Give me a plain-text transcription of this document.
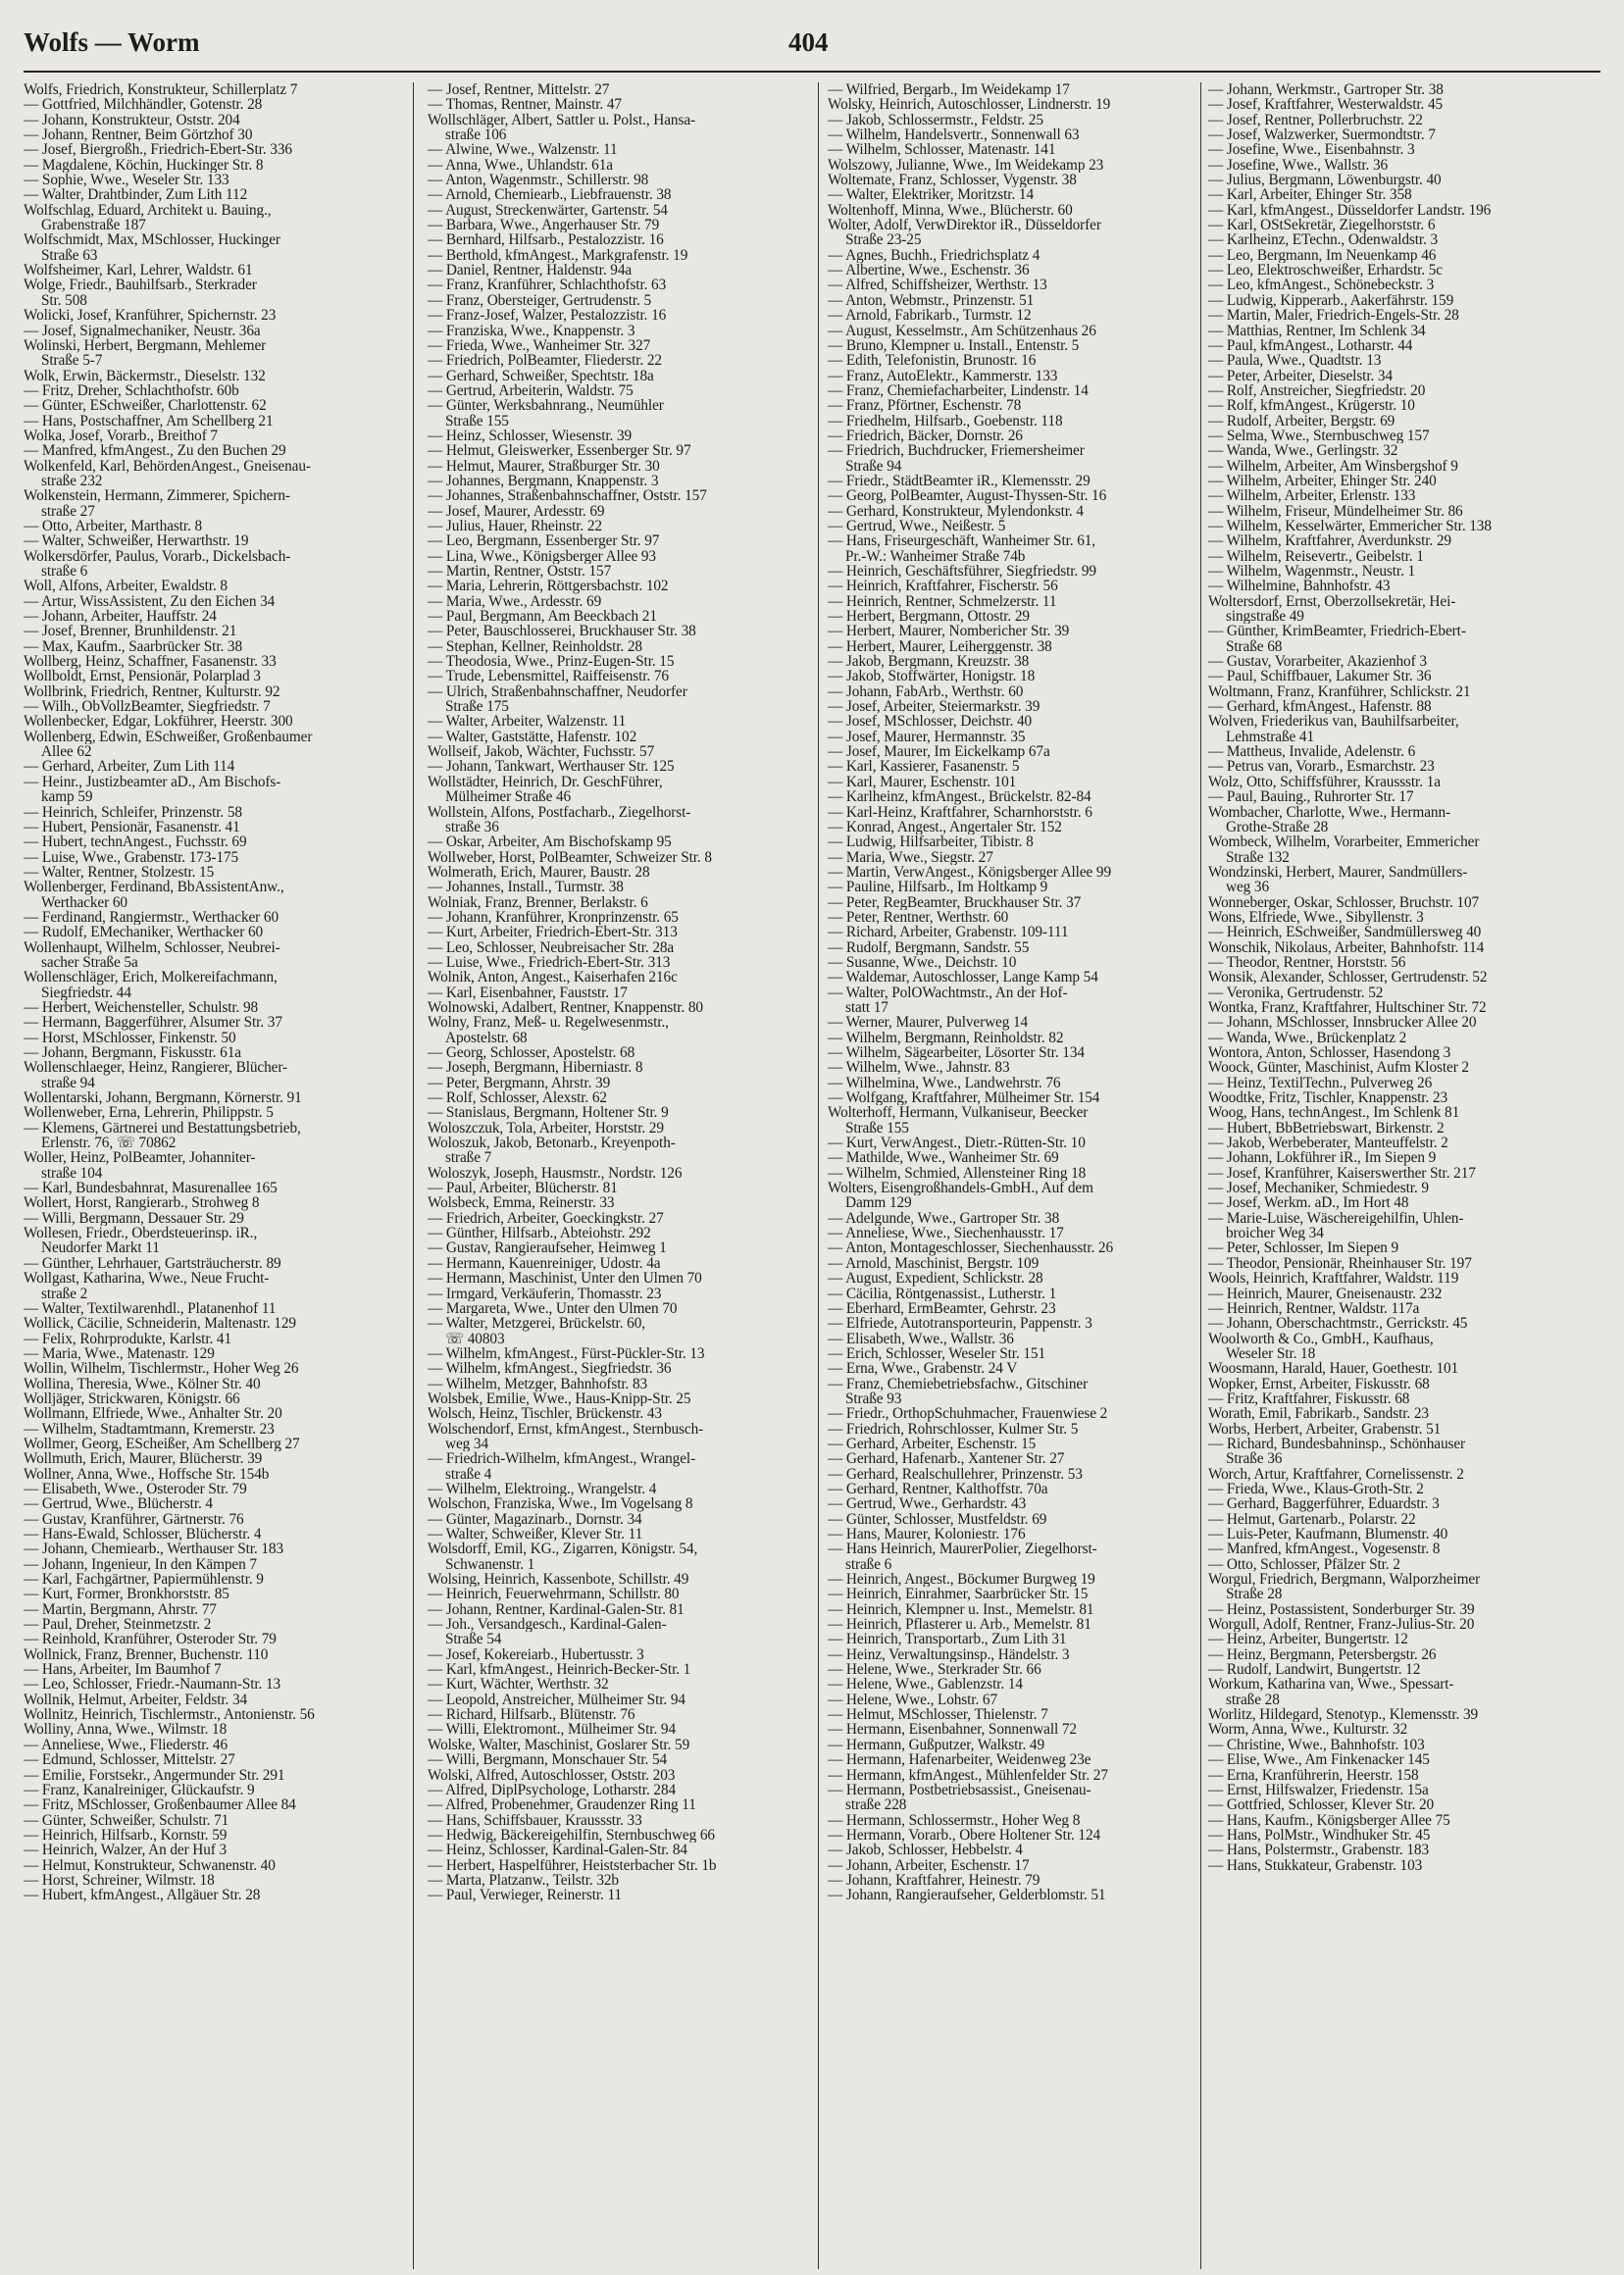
Wolfs — Worm	404
Wolfs, Friedrich, Konstrukteur, Schillerplatz 7
— Gottfried, Milchhändler, Gotenstr. 28
— Johann, Konstrukteur, Oststr. 204
— Johann, Rentner, Beim Görtzhof 30
— Josef, Biergroßh., Friedrich-Ebert-Str. 336
— Magdalene, Köchin, Huckinger Str. 8
— Sophie, Wwe., Weseler Str. 133
— Walter, Drahtbinder, Zum Lith 112
Wolfschlag, Eduard, Architekt u. Bauing.,
Grabenstraße 187
Wolfschmidt, Max, MSchlosser, Huckinger
Straße 63
Wolfsheimer, Karl, Lehrer, Waldstr. 61
Wolge, Friedr., Bauhilfsarb., Sterkrader
Str. 508
Wolicki, Josef, Kranführer, Spichernstr. 23
— Josef, Signalmechaniker, Neustr. 36a
Wolinski, Herbert, Bergmann, Mehlemer
Straße 5-7
Wolk, Erwin, Bäckermstr., Dieselstr. 132
— Fritz, Dreher, Schlachthofstr. 60b
— Günter, ESchweißer, Charlottenstr. 62
— Hans, Postschaffner, Am Schellberg 21
Wolka, Josef, Vorarb., Breithof 7
— Manfred, kfmAngest., Zu den Buchen 29
Wolkenfeld, Karl, BehördenAngest., Gneisenau-
straße 232
Wolkenstein, Hermann, Zimmerer, Spichern-
straße 27
— Otto, Arbeiter, Marthastr. 8
— Walter, Schweißer, Herwarthstr. 19
Wolkersdörfer, Paulus, Vorarb., Dickelsbach-
straße 6
Woll, Alfons, Arbeiter, Ewaldstr. 8
— Artur, WissAssistent, Zu den Eichen 34
— Johann, Arbeiter, Hauffstr. 24
— Josef, Brenner, Brunhildenstr. 21
— Max, Kaufm., Saarbrücker Str. 38
Wollberg, Heinz, Schaffner, Fasanenstr. 33
Wollboldt, Ernst, Pensionär, Polarplad 3
Wollbrink, Friedrich, Rentner, Kulturstr. 92
— Wilh., ObVollzBeamter, Siegfriedstr. 7
Wollenbecker, Edgar, Lokführer, Heerstr. 300
Wollenberg, Edwin, ESchweißer, Großenbaumer
Allee 62
— Gerhard, Arbeiter, Zum Lith 114
— Heinr., Justizbeamter aD., Am Bischofs-
kamp 59
— Heinrich, Schleifer, Prinzenstr. 58
— Hubert, Pensionär, Fasanenstr. 41
— Hubert, technAngest., Fuchsstr. 69
— Luise, Wwe., Grabenstr. 173-175
— Walter, Rentner, Stolzestr. 15
Wollenberger, Ferdinand, BbAssistentAnw.,
Werthacker 60
— Ferdinand, Rangiermstr., Werthacker 60
— Rudolf, EMechaniker, Werthacker 60
Wollenhaupt, Wilhelm, Schlosser, Neubrei-
sacher Straße 5a
Wollenschläger, Erich, Molkereifachmann,
Siegfriedstr. 44
— Herbert, Weichensteller, Schulstr. 98
— Hermann, Baggerführer, Alsumer Str. 37
— Horst, MSchlosser, Finkenstr. 50
— Johann, Bergmann, Fiskusstr. 61a
Wollenschlaeger, Heinz, Rangierer, Blücher-
straße 94
Wollentarski, Johann, Bergmann, Körnerstr. 91
Wollenweber, Erna, Lehrerin, Philippstr. 5
— Klemens, Gärtnerei und Bestattungsbetrieb,
Erlenstr. 76, ☏ 70862
Woller, Heinz, PolBeamter, Johanniter-
straße 104
— Karl, Bundesbahnrat, Masurenallee 165
Wollert, Horst, Rangierarb., Strohweg 8
— Willi, Bergmann, Dessauer Str. 29
Wollesen, Friedr., Oberdsteuerinsp. iR.,
Neudorfer Markt 11
— Günther, Lehrhauer, Gartsträucherstr. 89
Wollgast, Katharina, Wwe., Neue Frucht-
straße 2
— Walter, Textilwarenhdl., Platanenhof 11
Wollick, Cäcilie, Schneiderin, Maltenastr. 129
— Felix, Rohrproduktе, Karlstr. 41
— Maria, Wwe., Matenastr. 129
Wollin, Wilhelm, Tischlermstr., Hoher Weg 26
Wollina, Theresia, Wwe., Kölner Str. 40
Wolljäger, Strickwaren, Königstr. 66
Wollmann, Elfriede, Wwe., Anhalter Str. 20
— Wilhelm, Stadtamtmann, Kremerstr. 23
Wollmer, Georg, EScheißer, Am Schellberg 27
Wollmuth, Erich, Maurer, Blücherstr. 39
Wollner, Anna, Wwe., Hoffsche Str. 154b
— Elisabeth, Wwe., Osteroder Str. 79
— Gertrud, Wwe., Blücherstr. 4
— Gustav, Kranführer, Gärtnerstr. 76
— Hans-Ewald, Schlosser, Blücherstr. 4
— Johann, Chemiearb., Werthauser Str. 183
— Johann, Ingenieur, In den Kämpen 7
— Karl, Fachgärtner, Papiermühlenstr. 9
— Kurt, Former, Bronkhorststr. 85
— Martin, Bergmann, Ahrstr. 77
— Paul, Dreher, Steinmetzstr. 2
— Reinhold, Kranführer, Osteroder Str. 79
Wollnick, Franz, Brenner, Buchenstr. 110
— Hans, Arbeiter, Im Baumhof 7
— Leo, Schlosser, Friedr.-Naumann-Str. 13
Wollnik, Helmut, Arbeiter, Feldstr. 34
Wollnitz, Heinrich, Tischlermstr., Antonienstr. 56
Wolliny, Anna, Wwe., Wilmstr. 18
— Anneliese, Wwe., Fliederstr. 46
— Edmund, Schlosser, Mittelstr. 27
— Emilie, Forstsekr., Angermunder Str. 291
— Franz, Kanalreiniger, Glückaufstr. 9
— Fritz, MSchlosser, Großenbaumer Allee 84
— Günter, Schweißer, Schulstr. 71
— Heinrich, Hilfsarb., Kornstr. 59
— Heinrich, Walzer, An der Huf 3
— Helmut, Konstrukteur, Schwanenstr. 40
— Horst, Schreiner, Wilmstr. 18
— Hubert, kfmAngest., Allgäuer Str. 28
— Josef, Rentner, Mittelstr. 27
— Thomas, Rentner, Mainstr. 47
Wollschläger, Albert, Sattler u. Polst., Hansa-
straße 106
— Alwine, Wwe., Walzenstr. 11
— Anna, Wwe., Uhlandstr. 61a
— Anton, Wagenmstr., Schillerstr. 98
— Arnold, Chemiearb., Liebfrauenstr. 38
— August, Streckenwärter, Gartenstr. 54
— Barbara, Wwe., Angerhauser Str. 79
— Bernhard, Hilfsarb., Pestalozzistr. 16
— Berthold, kfmAngest., Markgrafenstr. 19
— Daniel, Rentner, Haldenstr. 94a
— Franz, Kranführer, Schlachthofstr. 63
— Franz, Obersteiger, Gertrudenstr. 5
— Franz-Josef, Walzer, Pestalozzistr. 16
— Franziska, Wwe., Knappenstr. 3
— Frieda, Wwe., Wanheimer Str. 327
— Friedrich, PolBeamter, Fliederstr. 22
— Gerhard, Schweißer, Spechtstr. 18a
— Gertrud, Arbeiterin, Waldstr. 75
— Günter, Werksbahnrang., Neumühler
Straße 155
— Heinz, Schlosser, Wiesenstr. 39
— Helmut, Gleiswerker, Essenberger Str. 97
— Helmut, Maurer, Straßburger Str. 30
— Johannes, Bergmann, Knappenstr. 3
— Johannes, Straßenbahnschaffner, Oststr. 157
— Josef, Maurer, Ardesstr. 69
— Julius, Hauer, Rheinstr. 22
— Leo, Bergmann, Essenberger Str. 97
— Lina, Wwe., Königsberger Allee 93
— Martin, Rentner, Oststr. 157
— Maria, Lehrerin, Röttgersbachstr. 102
— Maria, Wwe., Ardesstr. 69
— Paul, Bergmann, Am Beeckbach 21
— Peter, Bauschlosserei, Bruckhauser Str. 38
— Stephan, Kellner, Reinholdstr. 28
— Theodosia, Wwe., Prinz-Eugen-Str. 15
— Trude, Lebensmittel, Raiffeisenstr. 76
— Ulrich, Straßenbahnschaffner, Neudorfer
Straße 175
— Walter, Arbeiter, Walzenstr. 11
— Walter, Gaststätte, Hafenstr. 102
Wollseif, Jakob, Wächter, Fuchsstr. 57
— Johann, Tankwart, Werthauser Str. 125
Wollstädter, Heinrich, Dr. GeschFührer,
Mülheimer Straße 46
Wollstein, Alfons, Postfacharb., Ziegelhorst-
straße 36
— Oskar, Arbeiter, Am Bischofskamp 95
Wollweber, Horst, PolBeamter, Schweizer Str. 8
Wolmerath, Erich, Maurer, Baustr. 28
— Johannes, Install., Turmstr. 38
Wolniak, Franz, Brenner, Berlakstr. 6
— Johann, Kranführer, Kronprinzenstr. 65
— Kurt, Arbeiter, Friedrich-Ebert-Str. 313
— Leo, Schlosser, Neubreisacher Str. 28a
— Luise, Wwe., Friedrich-Ebert-Str. 313
Wolnik, Anton, Angest., Kaiserhafen 216c
— Karl, Eisenbahner, Fauststr. 17
Wolnowski, Adalbert, Rentner, Knappenstr. 80
Wolny, Franz, Meß- u. Regelwesenmstr.,
Apostelstr. 68
— Georg, Schlosser, Apostelstr. 68
— Joseph, Bergmann, Hiberniastr. 8
— Peter, Bergmann, Ahrstr. 39
— Rolf, Schlosser, Alexstr. 62
— Stanislaus, Bergmann, Holtener Str. 9
Woloszczuk, Tola, Arbeiter, Horststr. 29
Woloszuk, Jakob, Betonarb., Kreyenpoth-
straße 7
Woloszyk, Joseph, Hausmstr., Nordstr. 126
— Paul, Arbeiter, Blücherstr. 81
Wolsbeck, Emma, Reinerstr. 33
— Friedrich, Arbeiter, Goeckingkstr. 27
— Günther, Hilfsarb., Abteiohstr. 292
— Gustav, Rangieraufseher, Heimweg 1
— Hermann, Kauenreiniger, Udostr. 4a
— Hermann, Maschinist, Unter den Ulmen 70
— Irmgard, Verkäuferin, Thomasstr. 23
— Margareta, Wwe., Unter den Ulmen 70
— Walter, Metzgerei, Brückelstr. 60,
☏ 40803
— Wilhelm, kfmAngest., Fürst-Pückler-Str. 13
— Wilhelm, kfmAngest., Siegfriedstr. 36
— Wilhelm, Metzger, Bahnhofstr. 83
Wolsbek, Emilie, Wwe., Haus-Knipp-Str. 25
Wolsch, Heinz, Tischler, Brückenstr. 43
Wolschendorf, Ernst, kfmAngest., Sternbusch-
weg 34
— Friedrich-Wilhelm, kfmAngest., Wrangel-
straße 4
— Wilhelm, Elektroing., Wrangelstr. 4
Wolschon, Franziska, Wwe., Im Vogelsang 8
— Günter, Magazinarb., Dornstr. 34
— Walter, Schweißer, Klever Str. 11
Wolsdorff, Emil, KG., Zigarren, Königstr. 54,
Schwanenstr. 1
Wolsing, Heinrich, Kassenbote, Schillstr. 49
— Heinrich, Feuerwehrmann, Schillstr. 80
— Johann, Rentner, Kardinal-Galen-Str. 81
— Joh., Versandgesch., Kardinal-Galen-
Straße 54
— Josef, Kokereiarb., Hubertusstr. 3
— Karl, kfmAngest., Heinrich-Becker-Str. 1
— Kurt, Wächter, Werthstr. 32
— Leopold, Anstreicher, Mülheimer Str. 94
— Richard, Hilfsarb., Blütenstr. 76
— Willi, Elektromont., Mülheimer Str. 94
Wolske, Walter, Maschinist, Goslarer Str. 59
— Willi, Bergmann, Monschauer Str. 54
Wolski, Alfred, Autoschlosser, Oststr. 203
— Alfred, DiplPsychologe, Lotharstr. 284
— Alfred, Probenehmer, Graudenzer Ring 11
— Hans, Schiffsbauer, Kraussstr. 33
— Hedwig, Bäckereigehilfin, Sternbuschweg 66
— Heinz, Schlosser, Kardinal-Galen-Str. 84
— Herbert, Haspelführer, Heiststerbacher Str. 1b
— Marta, Platzanw., Teilstr. 32b
— Paul, Verwieger, Reinerstr. 11
— Wilfried, Bergarb., Im Weidekamp 17
Wolsky, Heinrich, Autoschlosser, Lindnerstr. 19
— Jakob, Schlossermstr., Feldstr. 25
— Wilhelm, Handelsvertr., Sonnenwall 63
— Wilhelm, Schlosser, Matenastr. 141
Wolszowy, Julianne, Wwe., Im Weidekamp 23
Woltemate, Franz, Schlosser, Vygenstr. 38
— Walter, Elektriker, Moritzstr. 14
Woltenhoff, Minna, Wwe., Blücherstr. 60
Wolter, Adolf, VerwDirektor iR., Düsseldorfer
Straße 23-25
— Agnes, Buchh., Friedrichsplatz 4
— Albertine, Wwe., Eschenstr. 36
— Alfred, Schiffsheizer, Werthstr. 13
— Anton, Webmstr., Prinzenstr. 51
— Arnold, Fabrikarb., Turmstr. 12
— August, Kesselmstr., Am Schützenhaus 26
— Bruno, Klempner u. Install., Entenstr. 5
— Edith, Telefonistin, Brunostr. 16
— Franz, AutoElektr., Kammerstr. 133
— Franz, Chemiefacharbeiter, Lindenstr. 14
— Franz, Pförtner, Eschenstr. 78
— Friedhelm, Hilfsarb., Goebenstr. 118
— Friedrich, Bäcker, Dornstr. 26
— Friedrich, Buchdrucker, Friemersheimer
Straße 94
— Friedr., StädtBeamter iR., Klemensstr. 29
— Georg, PolBeamter, August-Thyssen-Str. 16
— Gerhard, Konstrukteur, Mylendonkstr. 4
— Gertrud, Wwe., Neißestr. 5
— Hans, Friseurgeschäft, Wanheimer Str. 61,
Pr.-W.: Wanheimer Straße 74b
— Heinrich, Geschäftsführer, Siegfriedstr. 99
— Heinrich, Kraftfahrer, Fischerstr. 56
— Heinrich, Rentner, Schmelzerstr. 11
— Herbert, Bergmann, Ottostr. 29
— Herbert, Maurer, Nombericher Str. 39
— Herbert, Maurer, Leiherggenstr. 38
— Jakob, Bergmann, Kreuzstr. 38
— Jakob, Stoffwärter, Honigstr. 18
— Johann, FabArb., Werthstr. 60
— Josef, Arbeiter, Steiermarkstr. 39
— Josef, MSchlosser, Deichstr. 40
— Josef, Maurer, Hermannstr. 35
— Josef, Maurer, Im Eickelkamp 67a
— Karl, Kassierer, Fasanenstr. 5
— Karl, Maurer, Eschenstr. 101
— Karlheinz, kfmAngest., Brückelstr. 82-84
— Karl-Heinz, Kraftfahrer, Scharnhorststr. 6
— Konrad, Angest., Angertaler Str. 152
— Ludwig, Hilfsarbeiter, Tibistr. 8
— Maria, Wwe., Siegstr. 27
— Martin, VerwAngest., Königsberger Allee 99
— Pauline, Hilfsarb., Im Holtkamp 9
— Peter, RegBeamter, Bruckhauser Str. 37
— Peter, Rentner, Werthstr. 60
— Richard, Arbeiter, Grabenstr. 109-111
— Rudolf, Bergmann, Sandstr. 55
— Susanne, Wwe., Deichstr. 10
— Waldemar, Autoschlosser, Lange Kamp 54
— Walter, PolOWachtmstr., An der Hof-
statt 17
— Werner, Maurer, Pulverweg 14
— Wilhelm, Bergmann, Reinholdstr. 82
— Wilhelm, Sägearbeiter, Lösorter Str. 134
— Wilhelm, Wwe., Jahnstr. 83
— Wilhelmina, Wwe., Landwehrstr. 76
— Wolfgang, Kraftfahrer, Mülheimer Str. 154
Wolterhoff, Hermann, Vulkaniseur, Beecker
Straße 155
— Kurt, VerwAngest., Dietr.-Rütten-Str. 10
— Mathilde, Wwe., Wanheimer Str. 69
— Wilhelm, Schmied, Allensteiner Ring 18
Wolters, Eisengroßhandels-GmbH., Auf dem
Damm 129
— Adelgunde, Wwe., Gartroper Str. 38
— Anneliese, Wwe., Siechenhausstr. 17
— Anton, Montageschlosser, Siechenhausstr. 26
— Arnold, Maschinist, Bergstr. 109
— August, Expedient, Schlickstr. 28
— Cäcilia, Röntgenassist., Lutherstr. 1
— Eberhard, ErmBeamter, Gehrstr. 23
— Elfriede, Autotransporteurin, Pappenstr. 3
— Elisabeth, Wwe., Wallstr. 36
— Erich, Schlosser, Weseler Str. 151
— Erna, Wwe., Grabenstr. 24 V
— Franz, Chemiebetriebsfachw., Gitschiner
Straße 93
— Friedr., OrthopSchuhmacher, Frauenwiese 2
— Friedrich, Rohrschlosser, Kulmer Str. 5
— Gerhard, Arbeiter, Eschenstr. 15
— Gerhard, Hafenarb., Xantener Str. 27
— Gerhard, Realschullehrer, Prinzenstr. 53
— Gerhard, Rentner, Kalthoffstr. 70a
— Gertrud, Wwe., Gerhardstr. 43
— Günter, Schlosser, Mustfeldstr. 69
— Hans, Maurer, Koloniestr. 176
— Hans Heinrich, MaurerPolier, Ziegelhorst-
straße 6
— Heinrich, Angest., Böckumer Burgweg 19
— Heinrich, Einrahmer, Saarbrücker Str. 15
— Heinrich, Klempner u. Inst., Memelstr. 81
— Heinrich, Pflasterer u. Arb., Memelstr. 81
— Heinrich, Transportarb., Zum Lith 31
— Heinz, Verwaltungsinsp., Händelstr. 3
— Helene, Wwe., Sterkrader Str. 66
— Helene, Wwe., Gablenzstr. 14
— Helene, Wwe., Lohstr. 67
— Helmut, MSchlosser, Thielenstr. 7
— Hermann, Eisenbahner, Sonnenwall 72
— Hermann, Gußputzer, Walkstr. 49
— Hermann, Hafenarbeiter, Weidenweg 23e
— Hermann, kfmAngest., Mühlenfelder Str. 27
— Hermann, Postbetriebsassist., Gneisenau-
straße 228
— Hermann, Schlossermstr., Hoher Weg 8
— Hermann, Vorarb., Obere Holtener Str. 124
— Jakob, Schlosser, Hebbelstr. 4
— Johann, Arbeiter, Eschenstr. 17
— Johann, Kraftfahrer, Heinestr. 79
— Johann, Rangieraufseher, Gelderblomstr. 51
— Johann, Werkmstr., Gartroper Str. 38
— Josef, Kraftfahrer, Westerwaldstr. 45
— Josef, Rentner, Pollerbruchstr. 22
— Josef, Walzwerker, Suermondtstr. 7
— Josefine, Wwe., Eisenbahnstr. 3
— Josefine, Wwe., Wallstr. 36
— Julius, Bergmann, Löwenburgstr. 40
— Karl, Arbeiter, Ehinger Str. 358
— Karl, kfmAngest., Düsseldorfer Landstr. 196
— Karl, OStSekretär, Ziegelhorststr. 6
— Karlheinz, ETechn., Odenwaldstr. 3
— Leo, Bergmann, Im Neuenkamp 46
— Leo, Elektroschweißer, Erhardstr. 5c
— Leo, kfmAngest., Schönebeckstr. 3
— Ludwig, Kipperarb., Aakerfährstr. 159
— Martin, Maler, Friedrich-Engels-Str. 28
— Matthias, Rentner, Im Schlenk 34
— Paul, kfmAngest., Lotharstr. 44
— Paula, Wwe., Quadtstr. 13
— Peter, Arbeiter, Dieselstr. 34
— Rolf, Anstreicher, Siegfriedstr. 20
— Rolf, kfmAngest., Krügerstr. 10
— Rudolf, Arbeiter, Bergstr. 69
— Selma, Wwe., Sternbuschweg 157
— Wanda, Wwe., Gerlingstr. 32
— Wilhelm, Arbeiter, Am Winsbergshof 9
— Wilhelm, Arbeiter, Ehinger Str. 240
— Wilhelm, Arbeiter, Erlenstr. 133
— Wilhelm, Friseur, Mündelheimer Str. 86
— Wilhelm, Kesselwärter, Emmericher Str. 138
— Wilhelm, Kraftfahrer, Averdunkstr. 29
— Wilhelm, Reisevertr., Geibelstr. 1
— Wilhelm, Wagenmstr., Neustr. 1
— Wilhelmine, Bahnhofstr. 43
Woltersdorf, Ernst, Oberzollsekretär, Hei-
singstraße 49
— Günther, KrimBeamter, Friedrich-Ebert-
Straße 68
— Gustav, Vorarbeiter, Akazienhof 3
— Paul, Schiffbauer, Lakumer Str. 36
Woltmann, Franz, Kranführer, Schlickstr. 21
— Gerhard, kfmAngest., Hafenstr. 88
Wolven, Friederikus van, Bauhilfsarbeiter,
Lehmstraße 41
— Mattheus, Invalide, Adelenstr. 6
— Petrus van, Vorarb., Esmarchstr. 23
Wolz, Otto, Schiffsführer, Kraussstr. 1a
— Paul, Bauing., Ruhrorter Str. 17
Wombacher, Charlotte, Wwe., Hermann-
Grothe-Straße 28
Wombeck, Wilhelm, Vorarbeiter, Emmericher
Straße 132
Wondzinski, Herbert, Maurer, Sandmüllers-
weg 36
Wonneberger, Oskar, Schlosser, Bruchstr. 107
Wons, Elfriede, Wwe., Sibyllenstr. 3
— Heinrich, ESchweißer, Sandmüllersweg 40
Wonschik, Nikolaus, Arbeiter, Bahnhofstr. 114
— Theodor, Rentner, Horststr. 56
Wonsik, Alexander, Schlosser, Gertrudenstr. 52
— Veronika, Gertrudenstr. 52
Wontka, Franz, Kraftfahrer, Hultschiner Str. 72
— Johann, MSchlosser, Innsbrucker Allee 20
— Wanda, Wwe., Brückenplatz 2
Wontora, Anton, Schlosser, Hasendong 3
Woock, Günter, Maschinist, Aufm Kloster 2
— Heinz, TextilTechn., Pulverweg 26
Woodtke, Fritz, Tischler, Knappenstr. 23
Woog, Hans, technAngest., Im Schlenk 81
— Hubert, BbBetriebswart, Birkenstr. 2
— Jakob, Werbeberater, Manteuffelstr. 2
— Johann, Lokführer iR., Im Siepen 9
— Josef, Kranführer, Kaiserswerther Str. 217
— Josef, Mechaniker, Schmiedestr. 9
— Josef, Werkm. aD., Im Hort 48
— Marie-Luise, Wäschereigehilfin, Uhlen-
broicher Weg 34
— Peter, Schlosser, Im Siepen 9
— Theodor, Pensionär, Rheinhauser Str. 197
Wools, Heinrich, Kraftfahrer, Waldstr. 119
— Heinrich, Maurer, Gneisenaustr. 232
— Heinrich, Rentner, Waldstr. 117a
— Johann, Oberschachtmstr., Gerrickstr. 45
Woolworth & Co., GmbH., Kaufhaus,
Weseler Str. 18
Woosmann, Harald, Hauer, Goethestr. 101
Wopker, Ernst, Arbeiter, Fiskusstr. 68
— Fritz, Kraftfahrer, Fiskusstr. 68
Worath, Emil, Fabrikarb., Sandstr. 23
Worbs, Herbert, Arbeiter, Grabenstr. 51
— Richard, Bundesbahninsp., Schönhauser
Straße 36
Worch, Artur, Kraftfahrer, Cornelissenstr. 2
— Frieda, Wwe., Klaus-Groth-Str. 2
— Gerhard, Baggerführer, Eduardstr. 3
— Helmut, Gartenarb., Polarstr. 22
— Luis-Peter, Kaufmann, Blumenstr. 40
— Manfred, kfmAngest., Vogesenstr. 8
— Otto, Schlosser, Pfälzer Str. 2
Worgul, Friedrich, Bergmann, Walporzheimer
Straße 28
— Heinz, Postassistent, Sonderburger Str. 39
Worgull, Adolf, Rentner, Franz-Julius-Str. 20
— Heinz, Arbeiter, Bungertstr. 12
— Heinz, Bergmann, Petersbergstr. 26
— Rudolf, Landwirt, Bungertstr. 12
Workum, Katharina van, Wwe., Spessart-
straße 28
Worlitz, Hildegard, Stenotyp., Klemensstr. 39
Worm, Anna, Wwe., Kulturstr. 32
— Christine, Wwe., Bahnhofstr. 103
— Elise, Wwe., Am Finkenacker 145
— Erna, Kranführerin, Heerstr. 158
— Ernst, Hilfswalzer, Friedenstr. 15a
— Gottfried, Schlosser, Klever Str. 20
— Hans, Kaufm., Königsberger Allee 75
— Hans, PolMstr., Windhuker Str. 45
— Hans, Polstermstr., Grabenstr. 183
— Hans, Stukkateur, Grabenstr. 103
